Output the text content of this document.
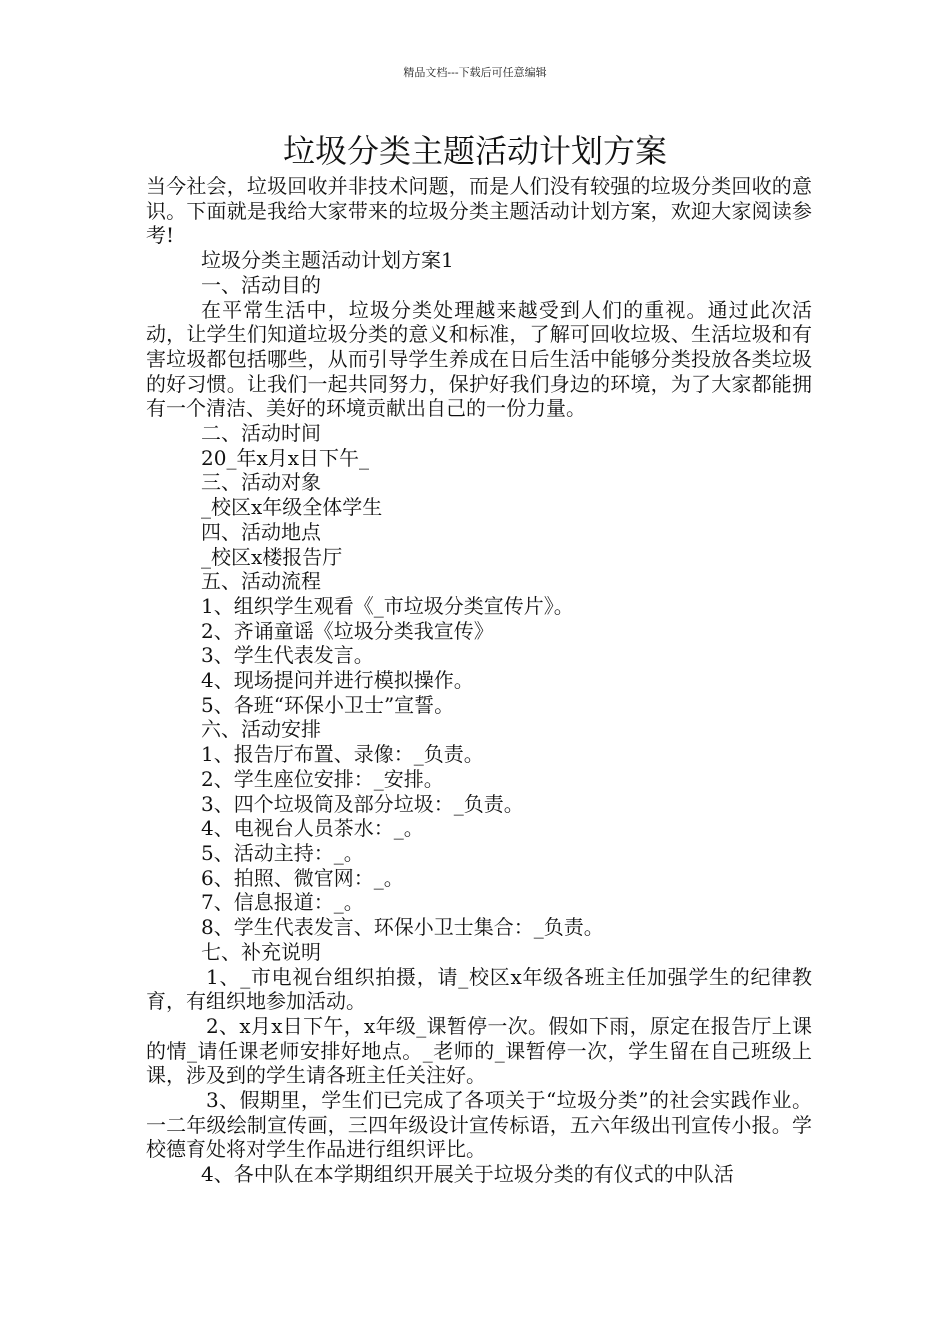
精品文档---下载后可任意编辑
垃圾分类主题活动计划方案

当今社会，垃圾回收并非技术问题，而是人们没有较强的垃圾分类回收的意识。下面就是我给大家带来的垃圾分类主题活动计划方案，欢迎大家阅读参考!

垃圾分类主题活动计划方案1

一、活动目的

在平常生活中，垃圾分类处理越来越受到人们的重视。通过此次活动，让学生们知道垃圾分类的意义和标准，了解可回收垃圾、生活垃圾和有害垃圾都包括哪些，从而引导学生养成在日后生活中能够分类投放各类垃圾的好习惯。让我们一起共同努力，保护好我们身边的环境，为了大家都能拥有一个清洁、美好的环境贡献出自己的一份力量。

二、活动时间

20_年x月x日下午_

三、活动对象

_校区x年级全体学生

四、活动地点

_校区x楼报告厅

五、活动流程

1、组织学生观看《_市垃圾分类宣传片》。

2、齐诵童谣《垃圾分类我宣传》

3、学生代表发言。

4、现场提问并进行模拟操作。

5、各班“环保小卫士”宣誓。

六、活动安排

1、报告厅布置、录像：_负责。

2、学生座位安排：_安排。

3、四个垃圾筒及部分垃圾：_负责。

4、电视台人员茶水：_。

5、活动主持：_。

6、拍照、微官网：_。

7、信息报道：_。

8、学生代表发言、环保小卫士集合：_负责。

七、补充说明

1、_市电视台组织拍摄，请_校区x年级各班主任加强学生的纪律教育，有组织地参加活动。

2、x月x日下午，x年级_课暂停一次。假如下雨，原定在报告厅上课的情_请任课老师安排好地点。_老师的_课暂停一次，学生留在自己班级上课，涉及到的学生请各班主任关注好。

3、假期里，学生们已完成了各项关于“垃圾分类”的社会实践作业。一二年级绘制宣传画，三四年级设计宣传标语，五六年级出刊宣传小报。学校德育处将对学生作品进行组织评比。

4、各中队在本学期组织开展关于垃圾分类的有仪式的中队活
